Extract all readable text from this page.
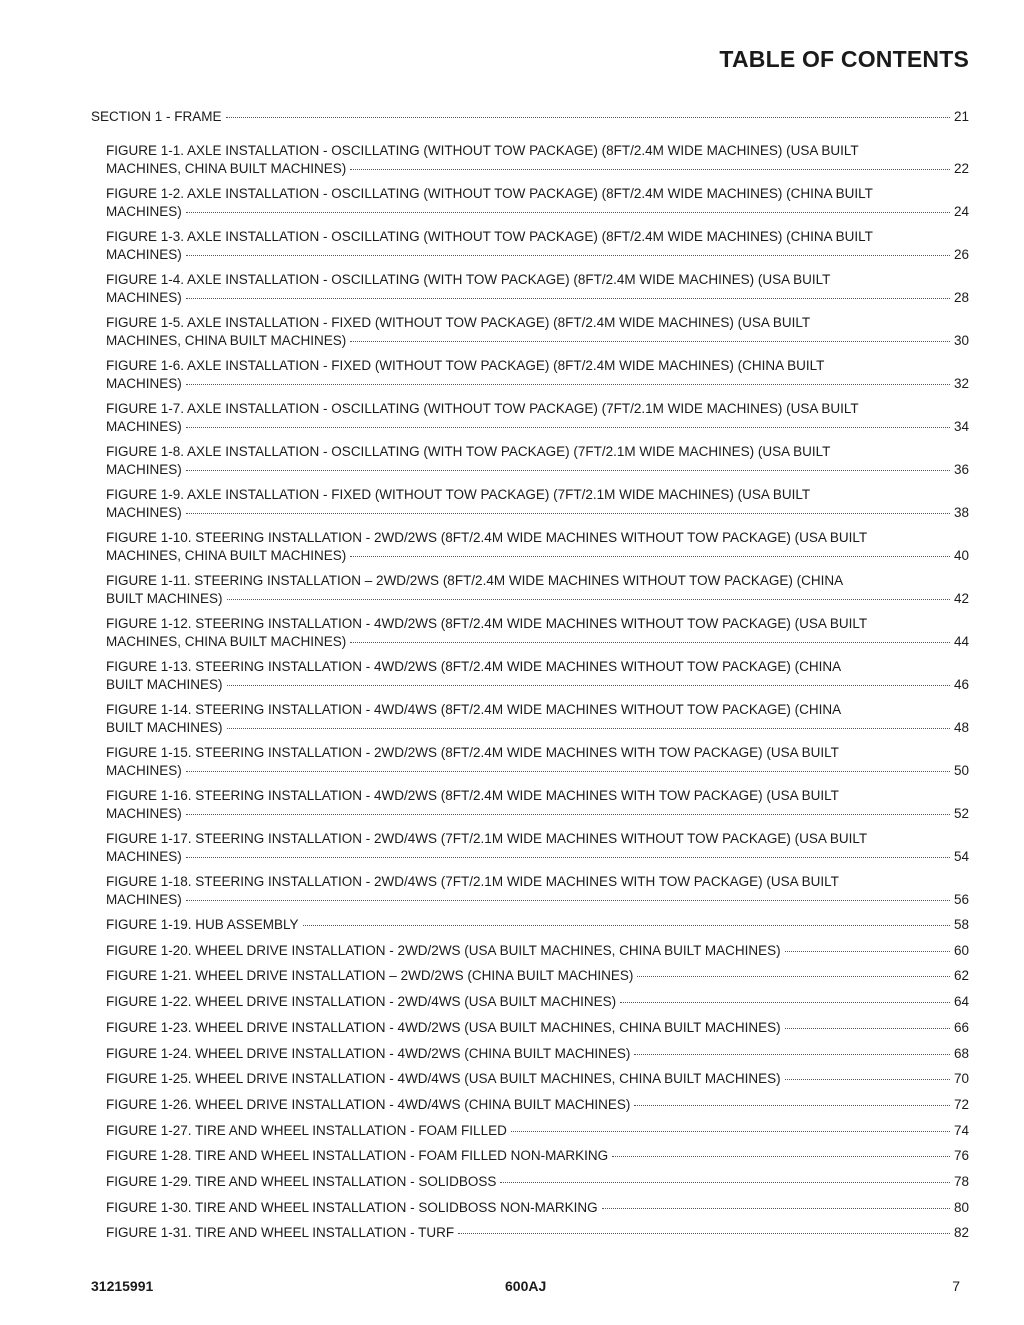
TABLE OF CONTENTS
SECTION 1 - FRAME	21
FIGURE 1-1. AXLE INSTALLATION - OSCILLATING (WITHOUT TOW PACKAGE) (8FT/2.4M WIDE MACHINES) (USA BUILT
MACHINES, CHINA BUILT MACHINES)	22
FIGURE 1-2. AXLE INSTALLATION - OSCILLATING (WITHOUT TOW PACKAGE) (8FT/2.4M WIDE MACHINES) (CHINA BUILT
MACHINES)	24
FIGURE 1-3. AXLE INSTALLATION - OSCILLATING (WITHOUT TOW PACKAGE) (8FT/2.4M WIDE MACHINES) (CHINA BUILT
MACHINES)	26
FIGURE 1-4. AXLE INSTALLATION - OSCILLATING (WITH TOW PACKAGE) (8FT/2.4M WIDE MACHINES) (USA BUILT
MACHINES)	28
FIGURE 1-5. AXLE INSTALLATION - FIXED (WITHOUT TOW PACKAGE) (8FT/2.4M WIDE MACHINES) (USA BUILT
MACHINES, CHINA BUILT MACHINES)	30
FIGURE 1-6. AXLE INSTALLATION - FIXED (WITHOUT TOW PACKAGE) (8FT/2.4M WIDE MACHINES) (CHINA BUILT
MACHINES)	32
FIGURE 1-7. AXLE INSTALLATION - OSCILLATING (WITHOUT TOW PACKAGE) (7FT/2.1M WIDE MACHINES) (USA BUILT
MACHINES)	34
FIGURE 1-8. AXLE INSTALLATION - OSCILLATING (WITH TOW PACKAGE) (7FT/2.1M WIDE MACHINES) (USA BUILT
MACHINES)	36
FIGURE 1-9. AXLE INSTALLATION - FIXED (WITHOUT TOW PACKAGE) (7FT/2.1M WIDE MACHINES) (USA BUILT
MACHINES)	38
FIGURE 1-10. STEERING INSTALLATION - 2WD/2WS (8FT/2.4M WIDE MACHINES WITHOUT TOW PACKAGE) (USA BUILT
MACHINES, CHINA BUILT MACHINES)	40
FIGURE 1-11. STEERING INSTALLATION – 2WD/2WS (8FT/2.4M WIDE MACHINES WITHOUT TOW PACKAGE) (CHINA
BUILT MACHINES)	42
FIGURE 1-12. STEERING INSTALLATION - 4WD/2WS (8FT/2.4M WIDE MACHINES WITHOUT TOW PACKAGE) (USA BUILT
MACHINES, CHINA BUILT MACHINES)	44
FIGURE 1-13. STEERING INSTALLATION - 4WD/2WS (8FT/2.4M WIDE MACHINES WITHOUT TOW PACKAGE) (CHINA
BUILT MACHINES)	46
FIGURE 1-14. STEERING INSTALLATION - 4WD/4WS (8FT/2.4M WIDE MACHINES WITHOUT TOW PACKAGE) (CHINA
BUILT MACHINES)	48
FIGURE 1-15. STEERING INSTALLATION - 2WD/2WS (8FT/2.4M WIDE MACHINES WITH TOW PACKAGE) (USA BUILT
MACHINES)	50
FIGURE 1-16. STEERING INSTALLATION - 4WD/2WS (8FT/2.4M WIDE MACHINES WITH TOW PACKAGE) (USA BUILT
MACHINES)	52
FIGURE 1-17. STEERING INSTALLATION - 2WD/4WS (7FT/2.1M WIDE MACHINES WITHOUT TOW PACKAGE) (USA BUILT
MACHINES)	54
FIGURE 1-18. STEERING INSTALLATION - 2WD/4WS (7FT/2.1M WIDE MACHINES WITH TOW PACKAGE) (USA BUILT
MACHINES)	56
FIGURE 1-19. HUB ASSEMBLY	58
FIGURE 1-20. WHEEL DRIVE INSTALLATION - 2WD/2WS (USA BUILT MACHINES, CHINA BUILT MACHINES)	60
FIGURE 1-21. WHEEL DRIVE INSTALLATION – 2WD/2WS (CHINA BUILT MACHINES)	62
FIGURE 1-22. WHEEL DRIVE INSTALLATION - 2WD/4WS (USA BUILT MACHINES)	64
FIGURE 1-23. WHEEL DRIVE INSTALLATION - 4WD/2WS (USA BUILT MACHINES, CHINA BUILT MACHINES)	66
FIGURE 1-24. WHEEL DRIVE INSTALLATION - 4WD/2WS (CHINA BUILT MACHINES)	68
FIGURE 1-25. WHEEL DRIVE INSTALLATION - 4WD/4WS (USA BUILT MACHINES, CHINA BUILT MACHINES)	70
FIGURE 1-26. WHEEL DRIVE INSTALLATION - 4WD/4WS (CHINA BUILT MACHINES)	72
FIGURE 1-27. TIRE AND WHEEL INSTALLATION - FOAM FILLED	74
FIGURE 1-28. TIRE AND WHEEL INSTALLATION - FOAM FILLED NON-MARKING	76
FIGURE 1-29. TIRE AND WHEEL INSTALLATION - SOLIDBOSS	78
FIGURE 1-30. TIRE AND WHEEL INSTALLATION - SOLIDBOSS NON-MARKING	80
FIGURE 1-31. TIRE AND WHEEL INSTALLATION - TURF	82
31215991	600AJ	7
